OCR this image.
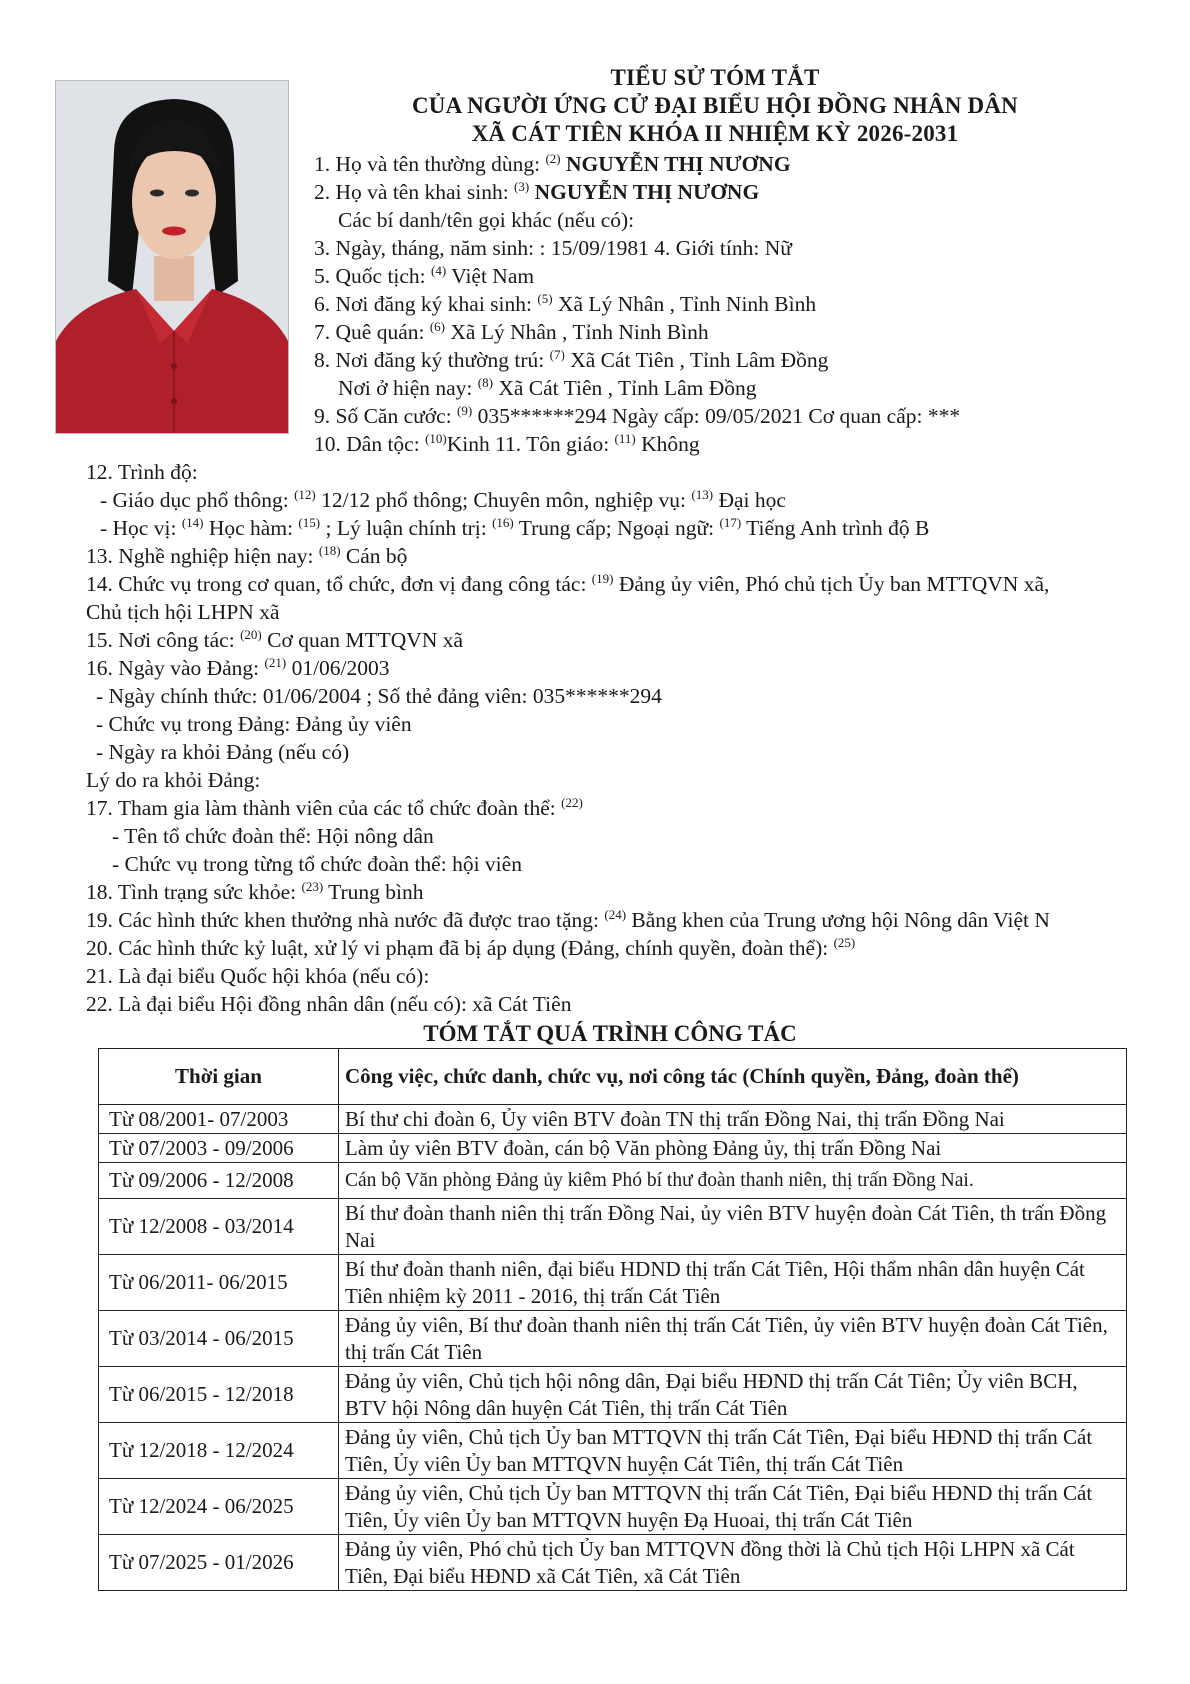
TIỂU SỬ TÓM TẮT
CỦA NGƯỜI ỨNG CỬ ĐẠI BIỂU HỘI ĐỒNG NHÂN DÂN
XÃ CÁT TIÊN KHÓA II NHIỆM KỲ 2026-2031
1. Họ và tên thường dùng: $^{(2)}$ NGUYỄN THỊ NƯƠNG
2. Họ và tên khai sinh: $^{(3)}$ NGUYỄN THỊ NƯƠNG
Các bí danh/tên gọi khác (nếu có):
3. Ngày, tháng, năm sinh: : 15/09/1981 4. Giới tính: Nữ
5. Quốc tịch: $^{(4)}$ Việt Nam
6. Nơi đăng ký khai sinh: $^{(5)}$ Xã Lý Nhân , Tỉnh Ninh Bình
7. Quê quán: $^{(6)}$ Xã Lý Nhân , Tỉnh Ninh Bình
8. Nơi đăng ký thường trú: $^{(7)}$ Xã Cát Tiên , Tỉnh Lâm Đồng
Nơi ở hiện nay: $^{(8)}$ Xã Cát Tiên , Tỉnh Lâm Đồng
9. Số Căn cước: $^{(9)}$ 035******294 Ngày cấp: 09/05/2021 Cơ quan cấp: ***
10. Dân tộc: $^{(10)}$Kinh 11. Tôn giáo: $^{(11)}$ Không
12. Trình độ:
- Giáo dục phổ thông: $^{(12)}$ 12/12 phổ thông; Chuyên môn, nghiệp vụ: $^{(13)}$ Đại học
- Học vị: $^{(14)}$ Học hàm: $^{(15)}$ ; Lý luận chính trị: $^{(16)}$ Trung cấp; Ngoại ngữ: $^{(17)}$ Tiếng Anh trình độ B
13. Nghề nghiệp hiện nay: $^{(18)}$ Cán bộ
14. Chức vụ trong cơ quan, tổ chức, đơn vị đang công tác: $^{(19)}$ Đảng ủy viên, Phó chủ tịch Ủy ban MTTQVN xã,
Chủ tịch hội LHPN xã
15. Nơi công tác: $^{(20)}$ Cơ quan MTTQVN xã
16. Ngày vào Đảng: $^{(21)}$ 01/06/2003
- Ngày chính thức: 01/06/2004 ; Số thẻ đảng viên: 035******294
- Chức vụ trong Đảng: Đảng ủy viên
- Ngày ra khỏi Đảng (nếu có)
Lý do ra khỏi Đảng:
17. Tham gia làm thành viên của các tổ chức đoàn thể: $^{(22)}$
- Tên tổ chức đoàn thể: Hội nông dân
- Chức vụ trong từng tổ chức đoàn thể: hội viên
18. Tình trạng sức khỏe: $^{(23)}$ Trung bình
19. Các hình thức khen thưởng nhà nước đã được trao tặng: $^{(24)}$ Bằng khen của Trung ương hội Nông dân Việt N
20. Các hình thức kỷ luật, xử lý vi phạm đã bị áp dụng (Đảng, chính quyền, đoàn thể): $^{(25)}$
21. Là đại biểu Quốc hội khóa (nếu có):
22. Là đại biểu Hội đồng nhân dân (nếu có): xã Cát Tiên
TÓM TẮT QUÁ TRÌNH CÔNG TÁC
Thời gian	Công việc, chức danh, chức vụ, nơi công tác (Chính quyền, Đảng, đoàn thể)
Từ 08/2001- 07/2003	Bí thư chi đoàn 6, Ủy viên BTV đoàn TN thị trấn Đồng Nai, thị trấn Đồng Nai
Từ 07/2003 - 09/2006	Làm ủy viên BTV đoàn, cán bộ Văn phòng Đảng ủy, thị trấn Đồng Nai
Từ 09/2006 - 12/2008	Cán bộ Văn phòng Đảng ủy kiêm Phó bí thư đoàn thanh niên, thị trấn Đồng Nai.
Từ 12/2008 - 03/2014	Bí thư đoàn thanh niên thị trấn Đồng Nai, ủy viên BTV huyện đoàn Cát Tiên, th trấn Đồng Nai
Từ 06/2011- 06/2015	Bí thư đoàn thanh niên, đại biểu HDND thị trấn Cát Tiên, Hội thẩm nhân dân huyện Cát Tiên nhiệm kỳ 2011 - 2016, thị trấn Cát Tiên
Từ 03/2014 - 06/2015	Đảng ủy viên, Bí thư đoàn thanh niên thị trấn Cát Tiên, ủy viên BTV huyện đoàn Cát Tiên, thị trấn Cát Tiên
Từ 06/2015 - 12/2018	Đảng ủy viên, Chủ tịch hội nông dân, Đại biểu HĐND thị trấn Cát Tiên; Ủy viên BCH, BTV hội Nông dân huyện Cát Tiên, thị trấn Cát Tiên
Từ 12/2018 - 12/2024	Đảng ủy viên, Chủ tịch Ủy ban MTTQVN thị trấn Cát Tiên, Đại biểu HĐND thị trấn Cát Tiên, Ủy viên Ủy ban MTTQVN huyện Cát Tiên, thị trấn Cát Tiên
Từ 12/2024 - 06/2025	Đảng ủy viên, Chủ tịch Ủy ban MTTQVN thị trấn Cát Tiên, Đại biểu HĐND thị trấn Cát Tiên, Ủy viên Ủy ban MTTQVN huyện Đạ Huoai, thị trấn Cát Tiên
Từ 07/2025 - 01/2026	Đảng ủy viên, Phó chủ tịch Ủy ban MTTQVN đồng thời là Chủ tịch Hội LHPN xã Cát Tiên, Đại biểu HĐND xã Cát Tiên, xã Cát Tiên
